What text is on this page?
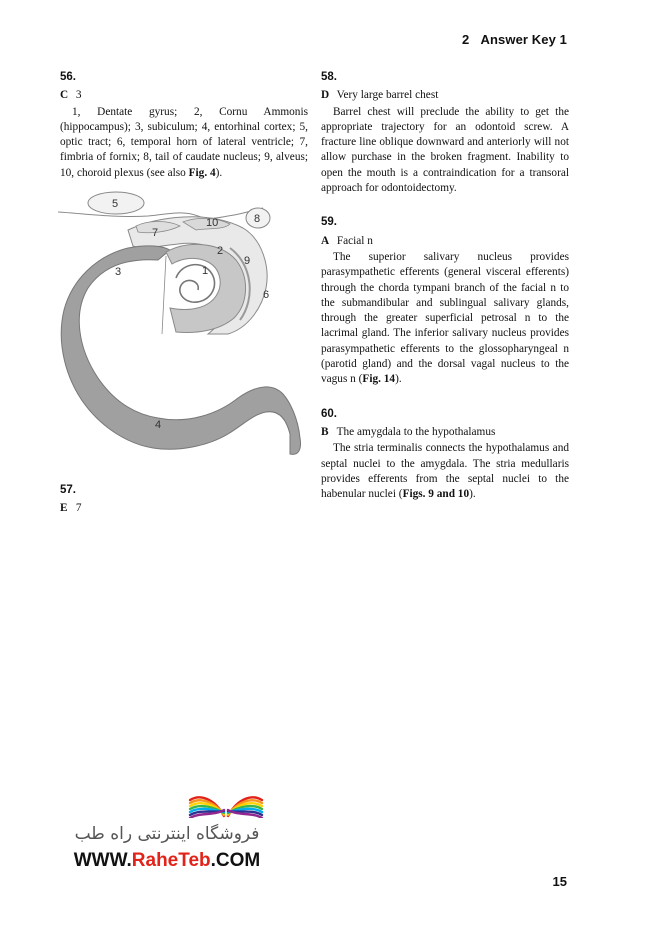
2 Answer Key 1

56.

C 3

1, Dentate gyrus; 2, Cornu Ammonis (hippocampus); 3, subiculum; 4, entorhinal cortex; 5, optic tract; 6, temporal horn of lateral ventricle; 7, fimbria of fornix; 8, tail of caudate nucleus; 9, alveus; 10, choroid plexus (see also Fig. 4).

5
8
10
7
2
9
1
3
6
4

57.

E 7

58.

D Very large barrel chest

Barrel chest will preclude the ability to get the appropriate trajectory for an odontoid screw. A fracture line oblique downward and anteriorly will not allow purchase in the broken fragment. Inability to open the mouth is a contraindication for a transoral approach for odontoidectomy.

59.

A Facial n

The superior salivary nucleus provides parasympathetic efferents (general visceral efferents) through the chorda tympani branch of the facial n to the submandibular and sublingual salivary glands, through the greater superficial petrosal n to the lacrimal gland. The inferior salivary nucleus provides parasympathetic efferents to the glossopharyngeal n (parotid gland) and the dorsal vagal nucleus to the vagus n (Fig. 14).

60.

B The amygdala to the hypothalamus

The stria terminalis connects the hypothalamus and septal nuclei to the amygdala. The stria medullaris provides efferents from the septal nuclei to the habenular nuclei (Figs. 9 and 10).

فروشگاه اینترنتی راه طب
WWW.RaheTeb.COM
15
